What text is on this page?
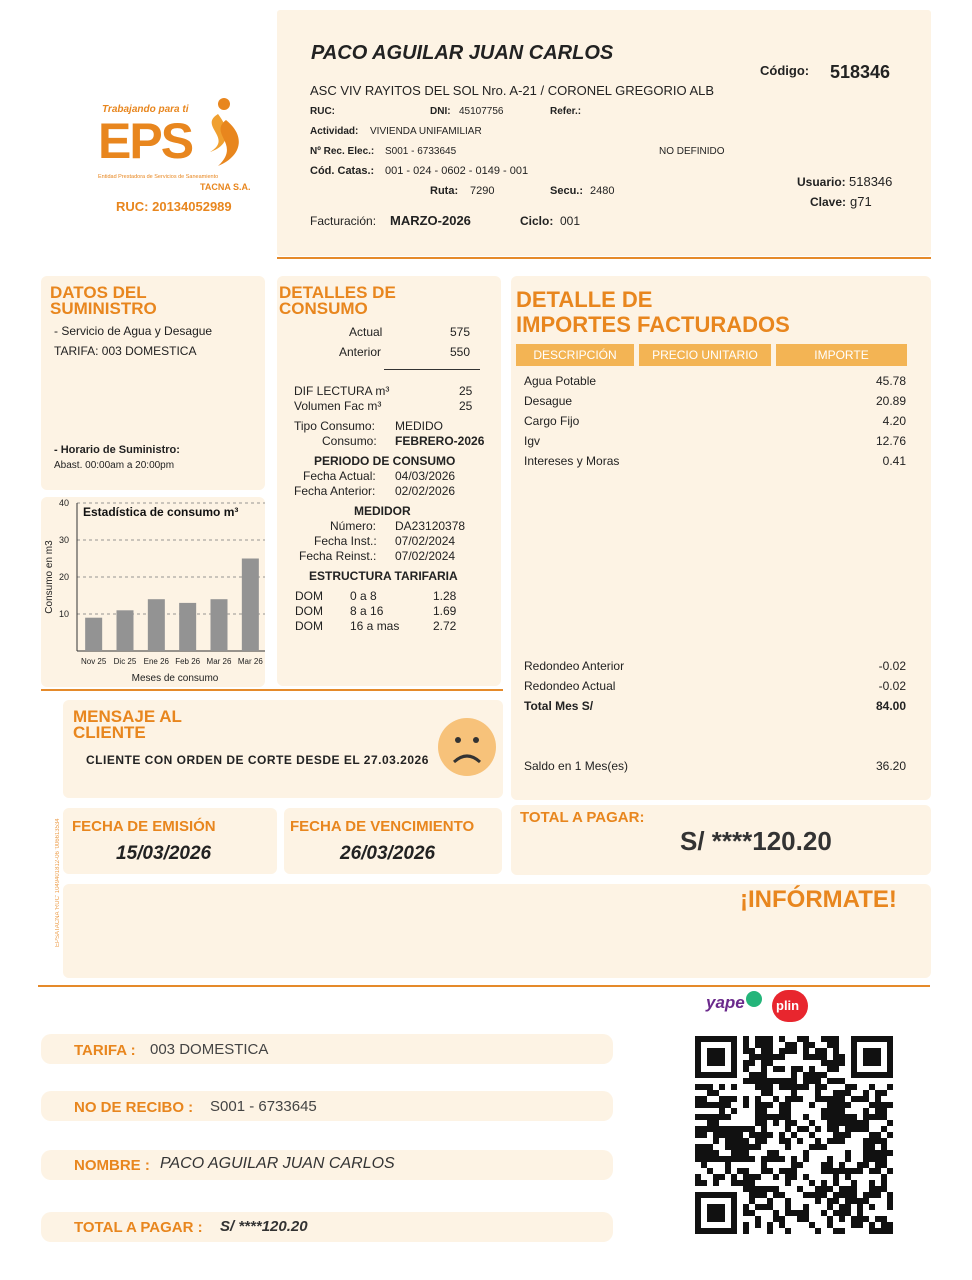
Trabajando para ti
EPS
Entidad Prestadora de Servicios de Saneamiento
TACNA S.A.
RUC: 20134052989
PACO AGUILAR JUAN CARLOS
ASC VIV RAYITOS DEL SOL Nro. A-21 / CORONEL GREGORIO ALB
Código: 518346
RUC:	DNI: 45107756	Refer.:
Actividad: VIVIENDA UNIFAMILIAR
Nº Rec. Elec.: S001 - 6733645	NO DEFINIDO
Cód. Catas.: 001 - 024 - 0602 - 0149 - 001
Ruta: 7290	Secu.: 2480
Usuario: 518346
Clave: g71
Facturación: MARZO-2026	Ciclo: 001
DATOS DEL
SUMINISTRO
- Servicio de Agua y Desague
TARIFA: 003 DOMESTICA
- Horario de Suministro:
Abast. 00:00am a 20:00pm
10
20
30
40
Nov 25 Dic 25 Ene 26 Feb 26 Mar 26 Mar 26
Estadística de consumo m³
Meses de consumo
Consumo en m3
DETALLES DE
CONSUMO
Actual	575
Anterior	550
DIF LECTURA m³	25
Volumen Fac m³	25
Tipo Consumo: MEDIDO
Consumo: FEBRERO-2026
PERIODO DE CONSUMO
Fecha Actual: 04/03/2026
Fecha Anterior: 02/02/2026
MEDIDOR
Número: DA23120378
Fecha Inst.: 07/02/2024
Fecha Reinst.: 07/02/2024
ESTRUCTURA TARIFARIA
DOM 0 a 8	1.28
DOM 8 a 16	1.69
DOM 16 a mas	2.72
DETALLE DE
IMPORTES FACTURADOS
DESCRIPCIÓN	PRECIO UNITARIO	IMPORTE
Agua Potable	45.78
Desague	20.89
Cargo Fijo	4.20
Igv	12.76
Intereses y Moras	0.41
Redondeo Anterior	-0.02
Redondeo Actual	-0.02
Total Mes S/	84.00
Saldo en 1 Mes(es)	36.20
MENSAJE AL
CLIENTE
CLIENTE CON ORDEN DE CORTE DESDE EL 27.03.2026
EPSATACNA 'RUC' 1049401812-06 '006613534 FECHA DE EMISIÓN
15/03/2026
FECHA DE VENCIMIENTO
26/03/2026
TOTAL A PAGAR:
S/ ****120.20
¡INFÓRMATE!
yape plin
TARIFA : 003 DOMESTICA
NO DE RECIBO : S001 - 6733645
NOMBRE : PACO AGUILAR JUAN CARLOS
TOTAL A PAGAR : S/ ****120.20
